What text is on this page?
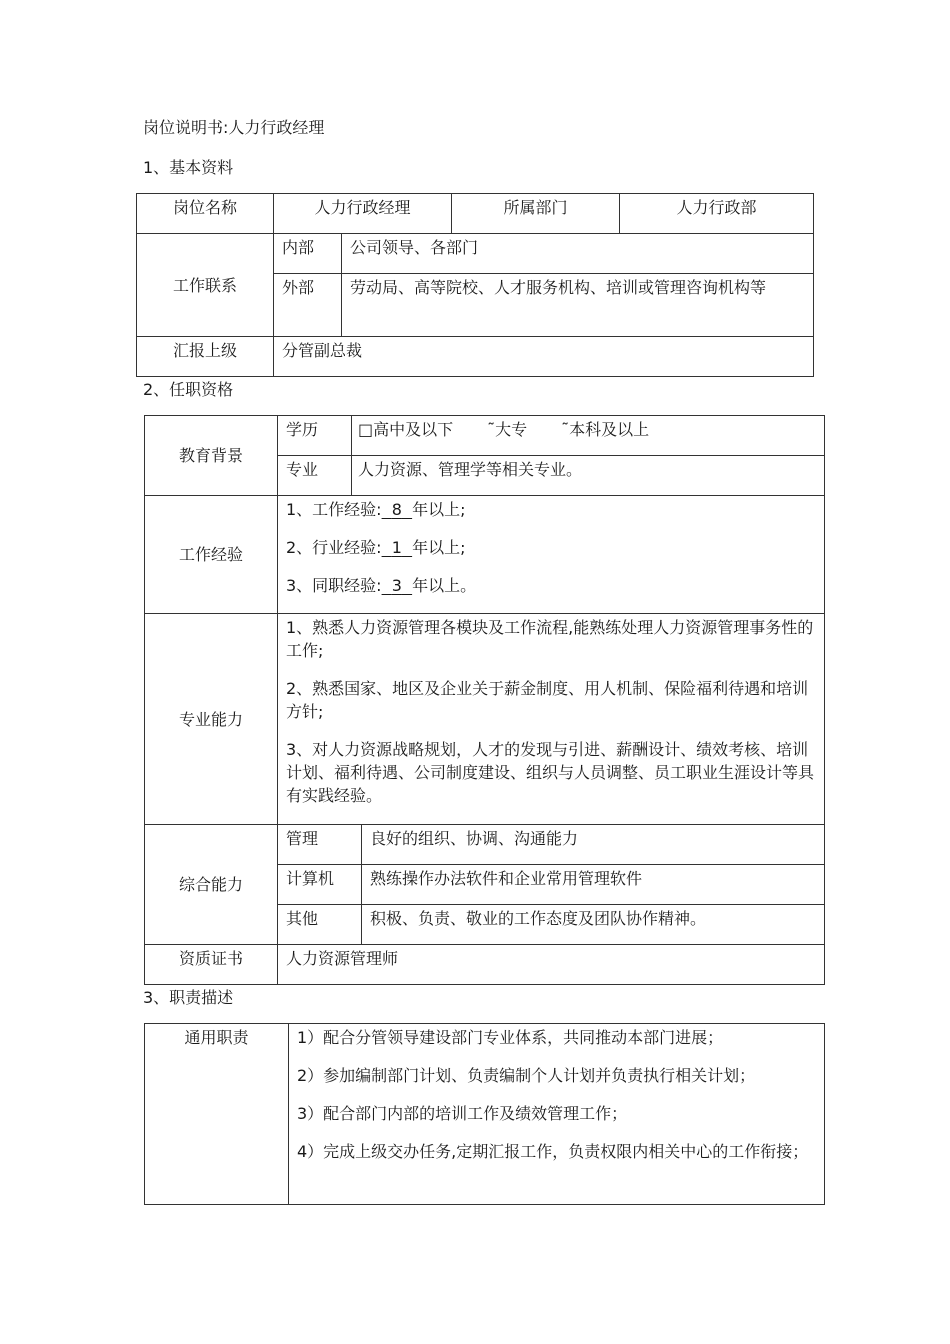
岗位说明书:人力行政经理
1、基本资料
2、任职资格
3、职责描述
岗位名称	人力行政经理		所属部门	人力行政部
工作联系	内部	公司领导、各部门		

	外部	劳动局、高等院校、人才服务机构、培训或管理咨询机构等		

汇报上级	分管副总裁			
教育背景	学历	□高中及以下 ˜大专 ˜本科及以上	

	专业	人力资源、管理学等相关专业。	

工作经验	1、工作经验: 8 年以上;
2、行业经验: 1 年以上;
3、同职经验: 3 年以上。		

专业能力	1、熟悉人力资源管理各模块及工作流程,能熟练处理人力资源管理事务性的工作;
2、熟悉国家、地区及企业关于薪金制度、用人机制、保险福利待遇和培训方针;
3、对人力资源战略规划，人才的发现与引进、薪酬设计、绩效考核、培训计划、福利待遇、公司制度建设、组织与人员调整、员工职业生涯设计等具有实践经验。		

综合能力	管理		良好的组织、协调、沟通能力

	计算机		熟练操作办法软件和企业常用管理软件

	其他		积极、负责、敬业的工作态度及团队协作精神。

资质证书	人力资源管理师		
通用职责	1）配合分管领导建设部门专业体系，共同推动本部门进展；
2）参加编制部门计划、负责编制个人计划并负责执行相关计划；
3）配合部门内部的培训工作及绩效管理工作；
4）完成上级交办任务,定期汇报工作，负责权限内相关中心的工作衔接；
